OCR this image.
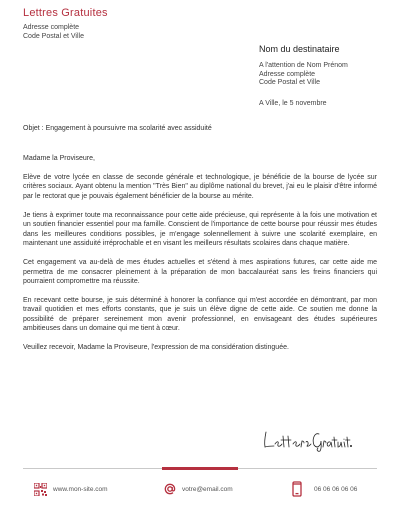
Lettres Gratuites
Adresse complète
Code Postal et Ville
Nom du destinataire
A l'attention de Nom Prénom
Adresse complète
Code Postal et Ville
A Ville, le 5 novembre
Objet : Engagement à poursuivre ma scolarité avec assiduité

Madame la Proviseure,

Elève de votre lycée en classe de seconde générale et technologique, je bénéficie de la bourse de lycée sur critères sociaux. Ayant obtenu la mention "Très Bien" au diplôme national du brevet, j'ai eu le plaisir d'être informé par le rectorat que je pouvais également bénéficier de la bourse au mérite.

Je tiens à exprimer toute ma reconnaissance pour cette aide précieuse, qui représente à la fois une motivation et un soutien financier essentiel pour ma famille. Conscient de l'importance de cette bourse pour réussir mes études dans les meilleures conditions possibles, je m'engage solennellement à suivre une scolarité exemplaire, en maintenant une assiduité irréprochable et en visant les meilleurs résultats scolaires dans chaque matière.

Cet engagement va au-delà de mes études actuelles et s'étend à mes aspirations futures, car cette aide me permettra de me consacrer pleinement à la préparation de mon baccalauréat sans les freins financiers qui pourraient compromettre ma réussite.

En recevant cette bourse, je suis déterminé à honorer la confiance qui m'est accordée en démontrant, par mon travail quotidien et mes efforts constants, que je suis un élève digne de cette aide. Ce soutien me donne la possibilité de préparer sereinement mon avenir professionnel, en envisageant des études supérieures ambitieuses dans un domaine qui me tient à cœur.

Veuillez recevoir, Madame la Proviseure, l'expression de ma considération distinguée.

www.mon-site.com	votre@email.com	06 06 06 06 06
